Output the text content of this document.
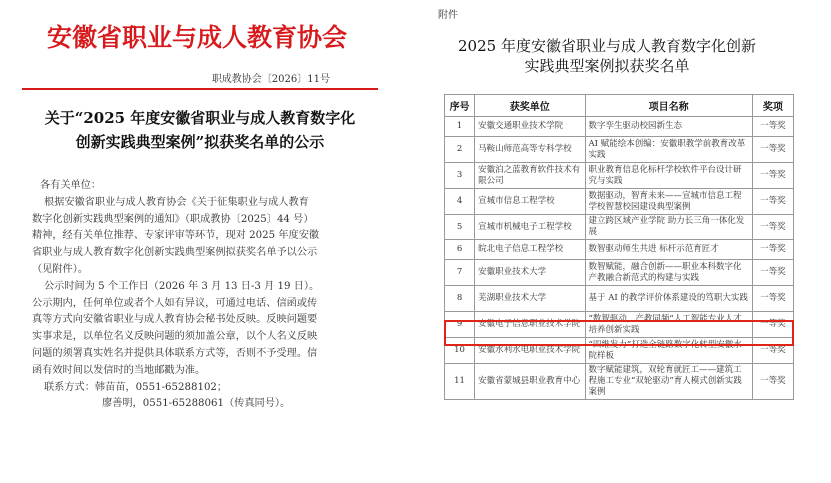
安徽省职业与成人教育协会
职成教协会〔2026〕11号
关于“2025 年度安徽省职业与成人教育数字化
创新实践典型案例”拟获奖名单的公示
各有关单位：
根据安徽省职业与成人教育协会《关于征集职业与成人教育
数字化创新实践典型案例的通知》（职成教协〔2025〕44 号）
精神，经有关单位推荐、专家评审等环节，现对 2025 年度安徽
省职业与成人教育数字化创新实践典型案例拟获奖名单予以公示
（见附件）。
公示时间为 5 个工作日（2026 年 3 月 13 日-3 月 19 日）。
公示期内，任何单位或者个人如有异议，可通过电话、信函或传
真等方式向安徽省职业与成人教育协会秘书处反映。反映问题要
实事求是，以单位名义反映问题的须加盖公章，以个人名义反映
问题的须署真实姓名并提供具体联系方式等，否则不予受理。信
函有效时间以发信时的当地邮戳为准。
联系方式：韩苗苗，0551-65288102；
廖善明，0551-65288061（传真同号）。
附件
2025 年度安徽省职业与成人教育数字化创新
实践典型案例拟获奖名单
序号	获奖单位	项目名称	奖项
1	安徽交通职业技术学院	数字孪生驱动校园新生态	一等奖
2	马鞍山师范高等专科学校	AI 赋能绘本创编：安徽职教学前教育改革实践	一等奖
3	安徽泊之蓝教育软件技术有限公司	职业教育信息化标杆学校软件平台设计研究与实践	一等奖
4	宣城市信息工程学校	数据驱动，智育未来——宣城市信息工程学校智慧校园建设典型案例	一等奖
5	宣城市机械电子工程学校	建立跨区域产业学院 助力长三角一体化发展	一等奖
6	皖北电子信息工程学校	数智驱动师生共进 标杆示范育匠才	一等奖
7	安徽职业技术大学	数智赋能，融合创新——职业本科数字化产教融合新范式的构建与实践	一等奖
8	芜湖职业技术大学	基于 AI 的教学评价体系建设的笃职大实践	一等奖
9	安徽电子信息职业技术学院	“数智驱动，产教同频”人工智能专业人才培养创新实践	一等奖
10	安徽水利水电职业技术学院	“四维发力”打造全链路数字化转型安徽水院样板	一等奖
11	安徽省蒙城县职业教育中心	数字赋能建筑，双轮育就匠工——建筑工程施工专业“双轮驱动”育人模式创新实践案例	一等奖
